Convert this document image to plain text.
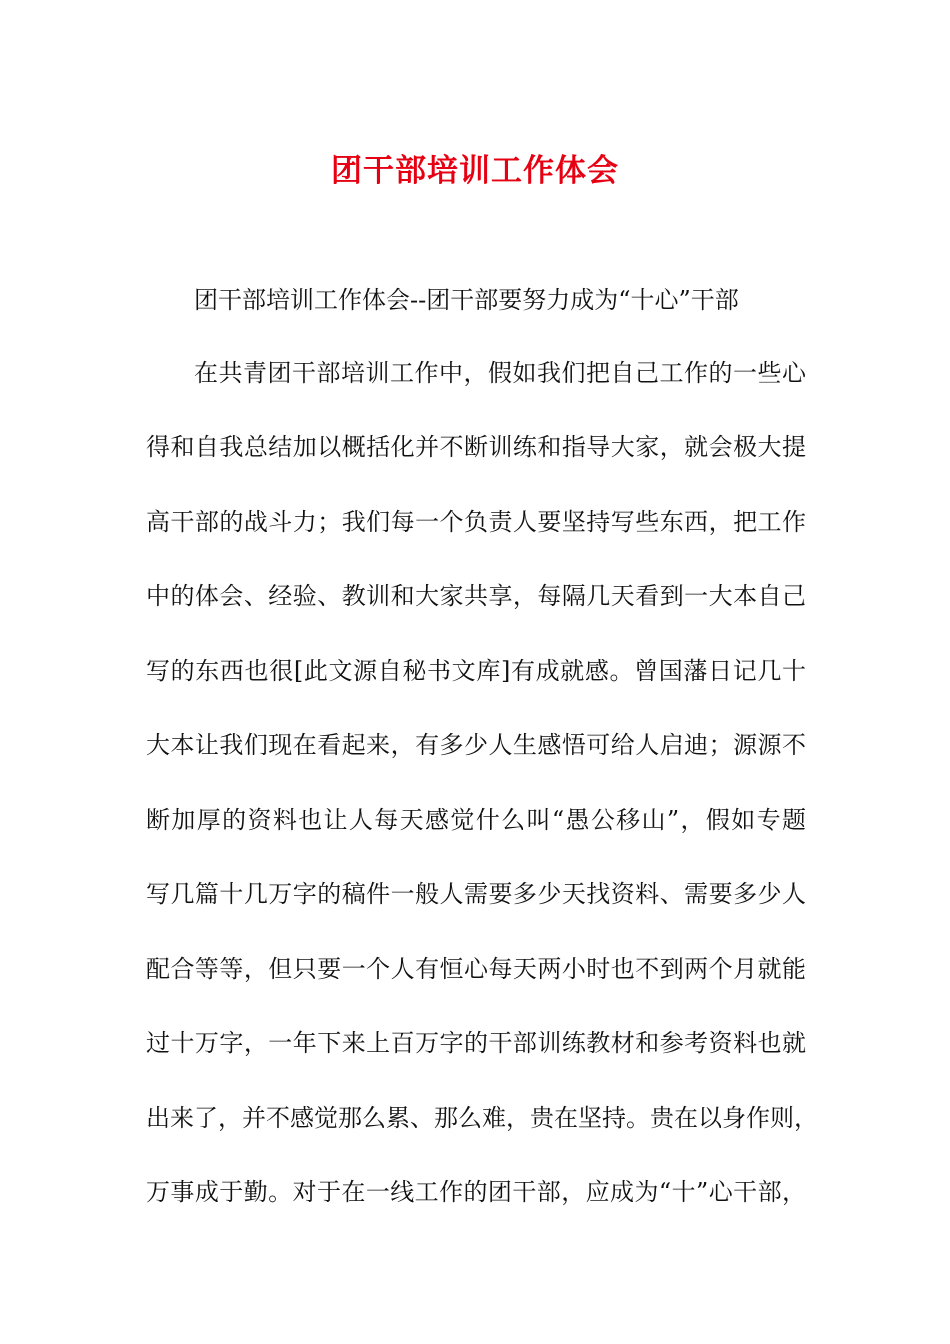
团干部培训工作体会
团干部培训工作体会--团干部要努力成为“十心”干部
在共青团干部培训工作中，假如我们把自己工作的一些心
得和自我总结加以概括化并不断训练和指导大家，就会极大提
高干部的战斗力；我们每一个负责人要坚持写些东西，把工作
中的体会、经验、教训和大家共享，每隔几天看到一大本自己
写的东西也很[此文源自秘书文库]有成就感。曾国藩日记几十
大本让我们现在看起来，有多少人生感悟可给人启迪；源源不
断加厚的资料也让人每天感觉什么叫“愚公移山”，假如专题
写几篇十几万字的稿件一般人需要多少天找资料、需要多少人
配合等等，但只要一个人有恒心每天两小时也不到两个月就能
过十万字，一年下来上百万字的干部训练教材和参考资料也就
出来了，并不感觉那么累、那么难，贵在坚持。贵在以身作则，
万事成于勤。对于在一线工作的团干部，应成为“十”心干部，
